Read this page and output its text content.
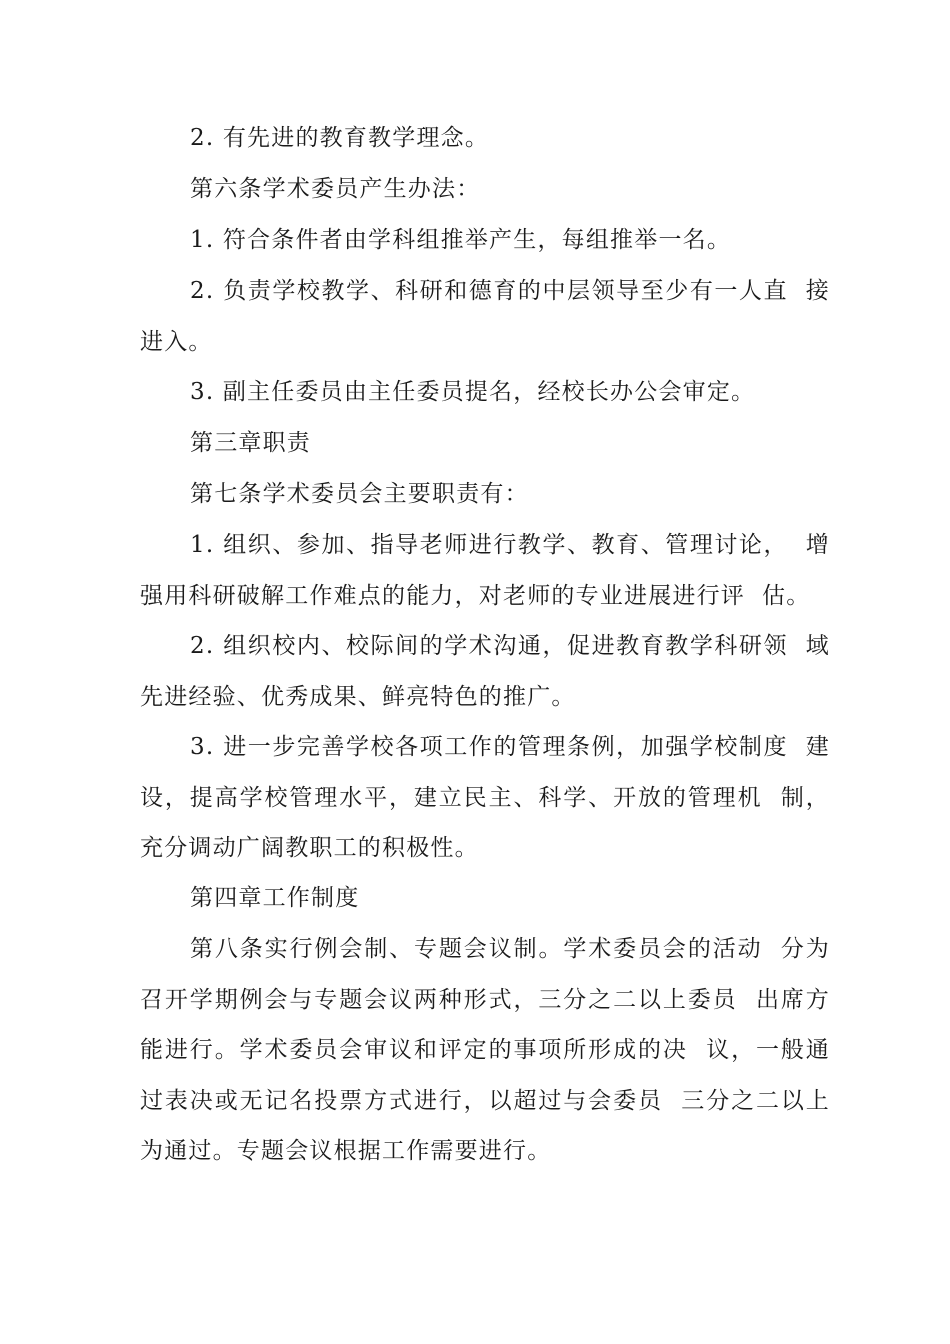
2. 有先进的教育教学理念。

第六条学术委员产生办法：

1. 符合条件者由学科组推举产生，每组推举一名。

2. 负责学校教学、科研和德育的中层领导至少有一人直  接进入。

3. 副主任委员由主任委员提名，经校长办公会审定。

第三章职责

第七条学术委员会主要职责有：

1. 组织、参加、指导老师进行教学、教育、管理讨论，  增强用科研破解工作难点的能力，对老师的专业进展进行评  估。

2. 组织校内、校际间的学术沟通，促进教育教学科研领  域先进经验、优秀成果、鲜亮特色的推广。

3. 进一步完善学校各项工作的管理条例，加强学校制度  建设，提高学校管理水平，建立民主、科学、开放的管理机  制，充分调动广阔教职工的积极性。

第四章工作制度

第八条实行例会制、专题会议制。学术委员会的活动  分为召开学期例会与专题会议两种形式，三分之二以上委员  出席方能进行。学术委员会审议和评定的事项所形成的决  议，一般通过表决或无记名投票方式进行，以超过与会委员  三分之二以上为通过。专题会议根据工作需要进行。
